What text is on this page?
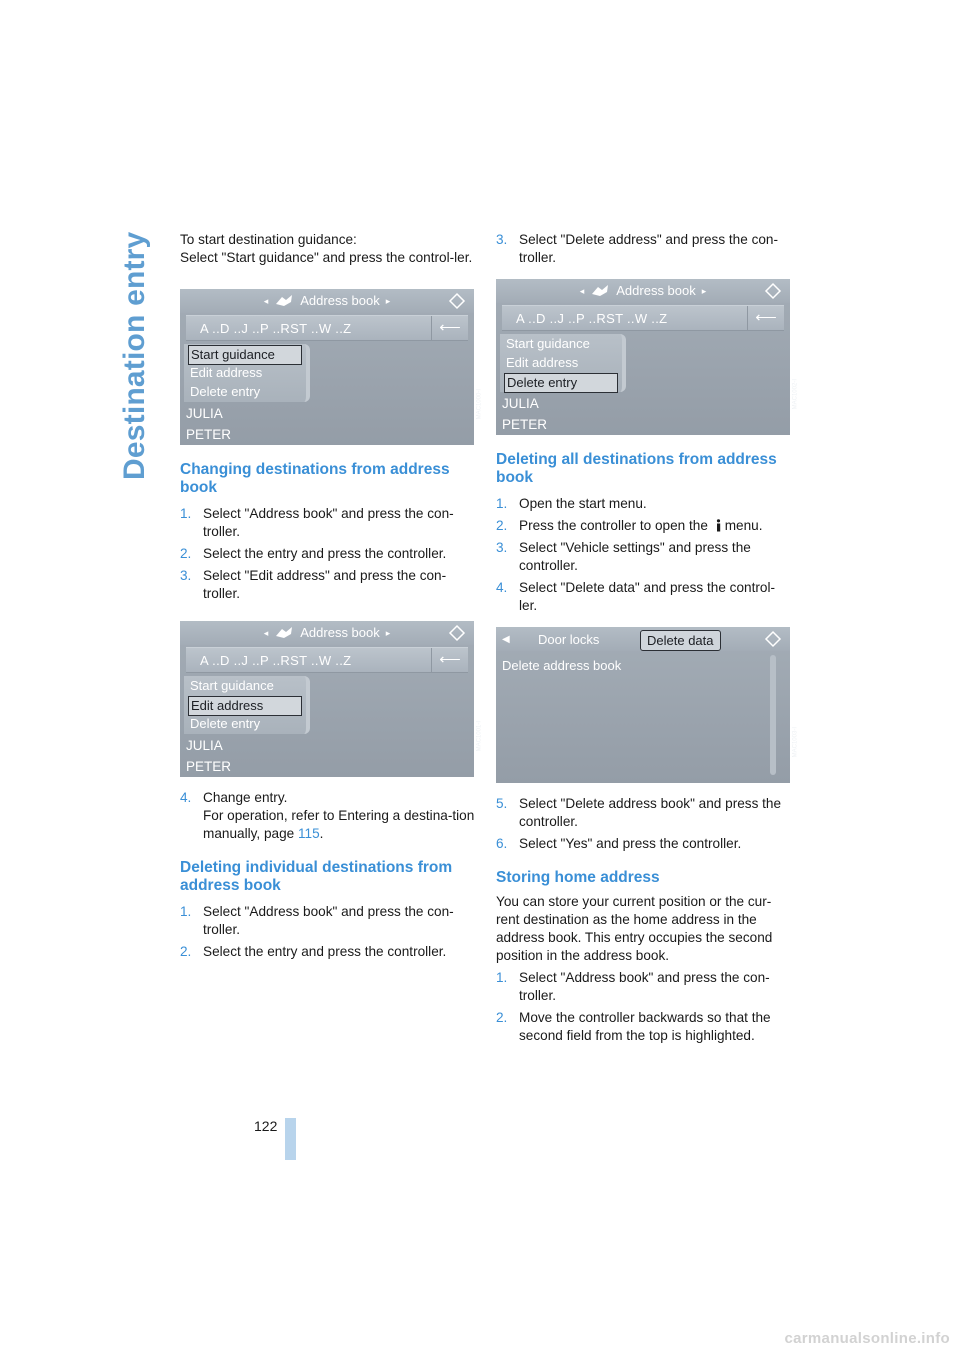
Destination entry To start destination guidance:
Select "Start guidance" and press the control-ler.

◂ Address book ▸
A ..D ..J ..P ..RST ..W ..Z	⟵
Start guidance
Edit address
Delete entry
JULIA
PETER
MAC1000-I
Changing destinations from address book
1. Select "Address book" and press the con-troller.
2. Select the entry and press the controller.
3. Select "Edit address" and press the con-troller.
◂ Address book ▸
A ..D ..J ..P ..RST ..W ..Z	⟵
Start guidance
Edit address
Delete entry
JULIA
PETER
MAC1001-I
4. Change entry.
For operation, refer to Entering a destina-tion manually, page 115.
Deleting individual destinations from address book
1. Select "Address book" and press the con-troller.
2. Select the entry and press the controller.
3. Select "Delete address" and press the con-troller.
◂ Address book ▸
A ..D ..J ..P ..RST ..W ..Z	⟵
Start guidance
Edit address
Delete entry
JULIA
PETER
MAC1002-I
Deleting all destinations from address book
1. Open the start menu.
2. Press the controller to open the menu.
3. Select "Vehicle settings" and press the controller.
4. Select "Delete data" and press the control-ler.
◀ Door locks	Delete data
Delete address book
MAC1003-I
5. Select "Delete address book" and press the controller.
6. Select "Yes" and press the controller.
Storing home address

You can store your current position or the cur-rent destination as the home address in the address book. This entry occupies the second position in the address book.

1. Select "Address book" and press the con-troller.
2. Move the controller backwards so that the second field from the top is highlighted.
122
carmanualsonline.info
